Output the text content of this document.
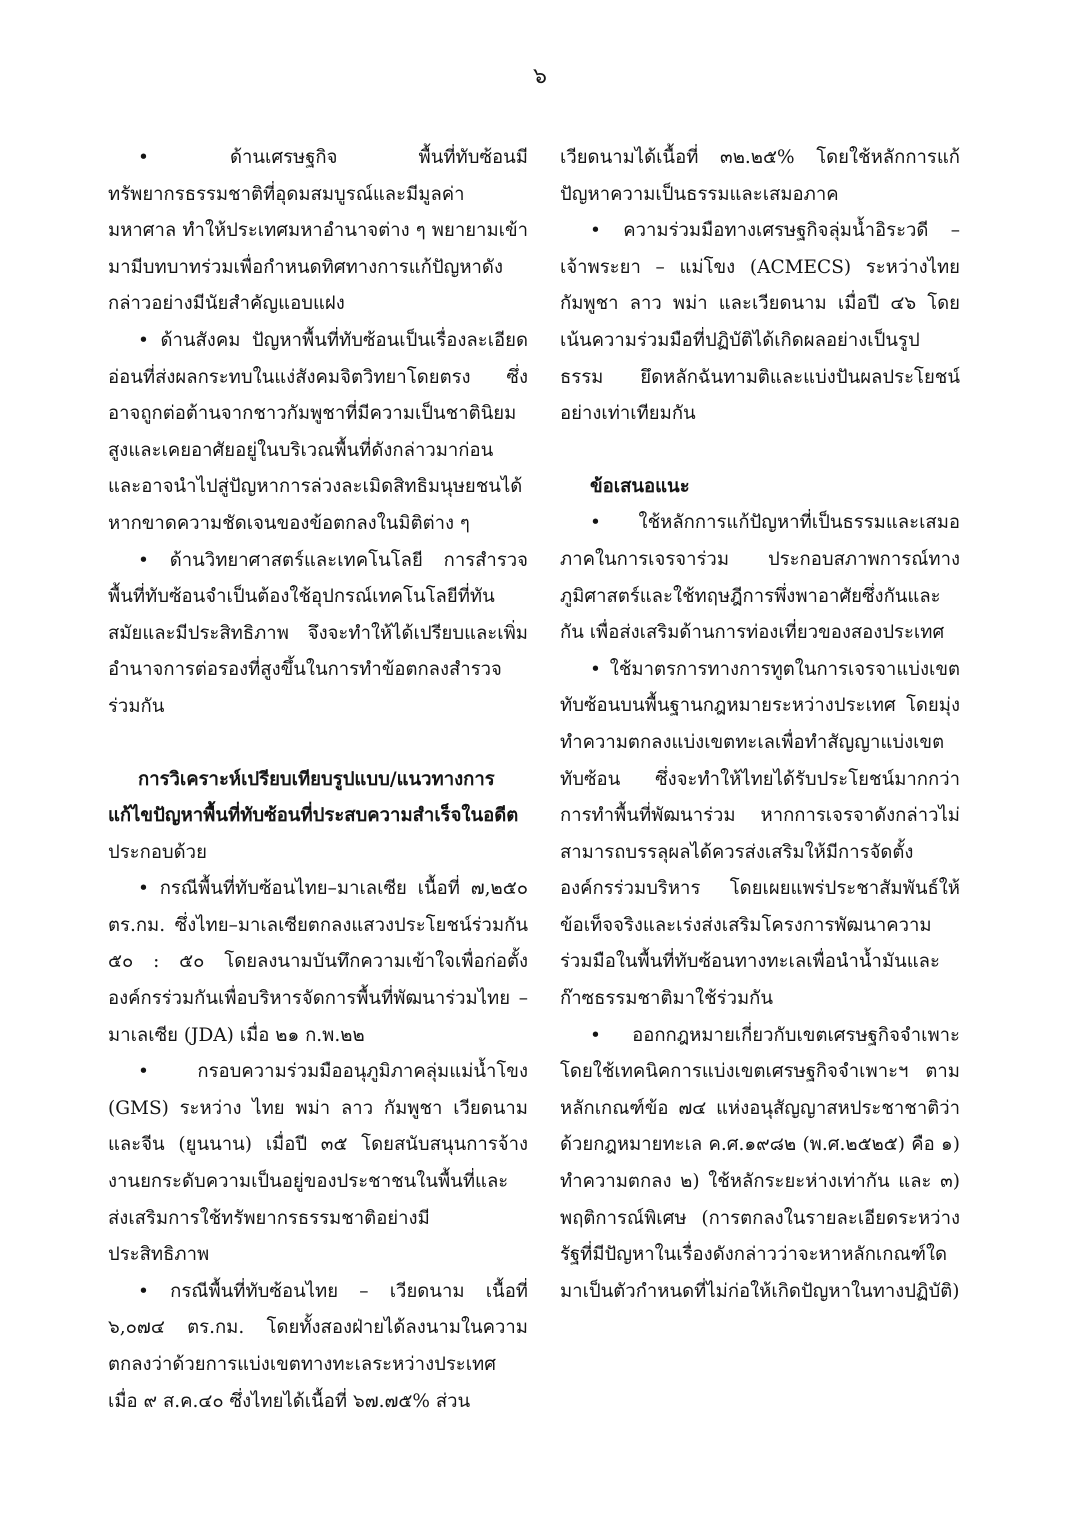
๖

•	ด้านเศรษฐกิจ พื้นที่ทับซ้อนมีทรัพยากรธรรมชาติที่อุดมสมบูรณ์และมีมูลค่ามหาศาล ทำให้ประเทศมหาอำนาจต่าง ๆ พยายามเข้ามามีบทบาทร่วมเพื่อกำหนดทิศทางการแก้ปัญหาดังกล่าวอย่างมีนัยสำคัญแอบแฝง

• ด้านสังคม ปัญหาพื้นที่ทับซ้อนเป็นเรื่องละเอียดอ่อนที่ส่งผลกระทบในแง่สังคมจิตวิทยาโดยตรง ซึ่งอาจถูกต่อต้านจากชาวกัมพูชาที่มีความเป็นชาตินิยมสูงและเคยอาศัยอยู่ในบริเวณพื้นที่ดังกล่าวมาก่อน และอาจนำไปสู่ปัญหาการล่วงละเมิดสิทธิมนุษยชนได้หากขาดความชัดเจนของข้อตกลงในมิติต่าง ๆ

• ด้านวิทยาศาสตร์และเทคโนโลยี การสำรวจพื้นที่ทับซ้อนจำเป็นต้องใช้อุปกรณ์เทคโนโลยีที่ทันสมัยและมีประสิทธิภาพ จึงจะทำให้ได้เปรียบและเพิ่มอำนาจการต่อรองที่สูงขึ้นในการทำข้อตกลงสำรวจร่วมกัน

การวิเคราะห์เปรียบเทียบรูปแบบ/แนวทางการแก้ไขปัญหาพื้นที่ทับซ้อนที่ประสบความสำเร็จในอดีต ประกอบด้วย

• กรณีพื้นที่ทับซ้อนไทย–มาเลเซีย เนื้อที่ ๗,๒๕๐ ตร.กม. ซึ่งไทย–มาเลเซียตกลงแสวงประโยชน์ร่วมกัน ๕๐ : ๕๐ โดยลงนามบันทึกความเข้าใจเพื่อก่อตั้งองค์กรร่วมกันเพื่อบริหารจัดการพื้นที่พัฒนาร่วมไทย – มาเลเซีย (JDA) เมื่อ ๒๑ ก.พ.๒๒

•	กรอบความร่วมมืออนุภูมิภาคลุ่มแม่น้ำโขง (GMS) ระหว่าง ไทย พม่า ลาว กัมพูชา เวียดนาม และจีน (ยูนนาน) เมื่อปี ๓๕ โดยสนับสนุนการจ้างงานยกระดับความเป็นอยู่ของประชาชนในพื้นที่และส่งเสริมการใช้ทรัพยากรธรรมชาติอย่างมีประสิทธิภาพ

• กรณีพื้นที่ทับซ้อนไทย – เวียดนาม เนื้อที่ ๖,๐๗๔ ตร.กม. โดยทั้งสองฝ่ายได้ลงนามในความตกลงว่าด้วยการแบ่งเขตทางทะเลระหว่างประเทศ เมื่อ ๙ ส.ค.๔๐ ซึ่งไทยได้เนื้อที่ ๖๗.๗๕% ส่วน

เวียดนามได้เนื้อที่ ๓๒.๒๕% โดยใช้หลักการแก้ปัญหาความเป็นธรรมและเสมอภาค

• ความร่วมมือทางเศรษฐกิจลุ่มน้ำอิระวดี – เจ้าพระยา – แม่โขง (ACMECS) ระหว่างไทย กัมพูชา ลาว พม่า และเวียดนาม เมื่อปี ๔๖ โดยเน้นความร่วมมือที่ปฏิบัติได้เกิดผลอย่างเป็นรูปธรรม ยึดหลักฉันทามติและแบ่งปันผลประโยชน์อย่างเท่าเทียมกัน

ข้อเสนอแนะ

• ใช้หลักการแก้ปัญหาที่เป็นธรรมและเสมอภาคในการเจรจาร่วม ประกอบสภาพการณ์ทางภูมิศาสตร์และใช้ทฤษฎีการพึ่งพาอาศัยซึ่งกันและกัน เพื่อส่งเสริมด้านการท่องเที่ยวของสองประเทศ

• ใช้มาตรการทางการทูตในการเจรจาแบ่งเขตทับซ้อนบนพื้นฐานกฎหมายระหว่างประเทศ โดยมุ่งทำความตกลงแบ่งเขตทะเลเพื่อทำสัญญาแบ่งเขตทับซ้อน ซึ่งจะทำให้ไทยได้รับประโยชน์มากกว่าการทำพื้นที่พัฒนาร่วม หากการเจรจาดังกล่าวไม่สามารถบรรลุผลได้ควรส่งเสริมให้มีการจัดตั้งองค์กรร่วมบริหาร โดยเผยแพร่ประชาสัมพันธ์ให้ข้อเท็จจริงและเร่งส่งเสริมโครงการพัฒนาความร่วมมือในพื้นที่ทับซ้อนทางทะเลเพื่อนำน้ำมันและก๊าซธรรมชาติมาใช้ร่วมกัน

• ออกกฎหมายเกี่ยวกับเขตเศรษฐกิจจำเพาะ โดยใช้เทคนิคการแบ่งเขตเศรษฐกิจจำเพาะฯ ตามหลักเกณฑ์ข้อ ๗๔ แห่งอนุสัญญาสหประชาชาติว่าด้วยกฎหมายทะเล ค.ศ.๑๙๘๒ (พ.ศ.๒๕๒๕) คือ ๑) ทำความตกลง ๒) ใช้หลักระยะห่างเท่ากัน และ ๓) พฤติการณ์พิเศษ (การตกลงในรายละเอียดระหว่างรัฐที่มีปัญหาในเรื่องดังกล่าวว่าจะหาหลักเกณฑ์ใดมาเป็นตัวกำหนดที่ไม่ก่อให้เกิดปัญหาในทางปฏิบัติ)
